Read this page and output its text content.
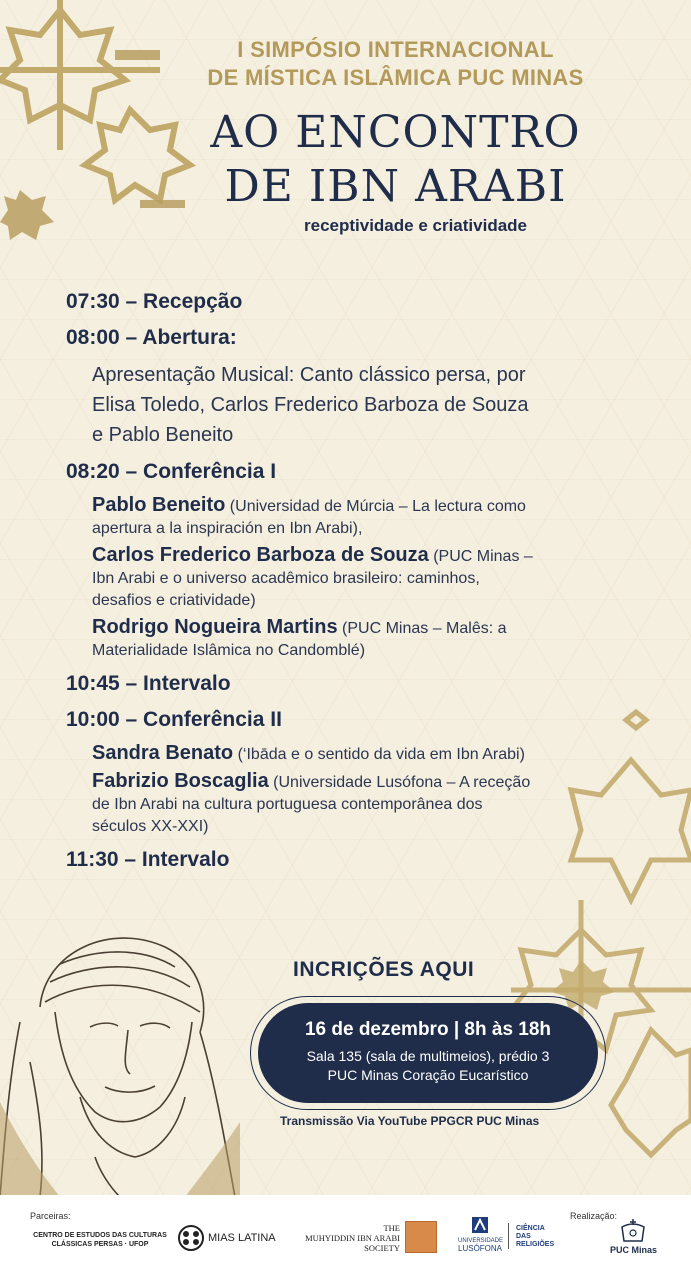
I SIMPÓSIO INTERNACIONAL
DE MÍSTICA ISLÂMICA PUC MINAS
AO ENCONTRO
DE IBN ARABI
receptividade e criatividade
07:30 – Recepção
08:00 – Abertura:
Apresentação Musical: Canto clássico persa, por
Elisa Toledo, Carlos Frederico Barboza de Souza
e Pablo Beneito
08:20 – Conferência I
Pablo Beneito (Universidad de Múrcia – La lectura como
apertura a la inspiración en Ibn Arabi),
Carlos Frederico Barboza de Souza (PUC Minas –
Ibn Arabi e o universo acadêmico brasileiro: caminhos,
desafios e criatividade)
Rodrigo Nogueira Martins (PUC Minas – Malês: a
Materialidade Islâmica no Candomblé)
10:45 – Intervalo
10:00 – Conferência II
Sandra Benato (‘Ibāda e o sentido da vida em Ibn Arabi)
Fabrizio Boscaglia (Universidade Lusófona – A receção
de Ibn Arabi na cultura portuguesa contemporânea dos
séculos XX-XXI)
11:30 – Intervalo
INCRIÇÕES AQUI
16 de dezembro | 8h às 18h
Sala 135 (sala de multimeios), prédio 3
PUC Minas Coração Eucarístico
Transmissão Via YouTube PPGCR PUC Minas
Parceiras:	Realização:
CENTRO DE ESTUDOS DAS CULTURAS
CLÁSSICAS PERSAS · UFOP
MIAS LATINA
THE
MUHYIDDIN IBN ARABI
SOCIETY
UNIVERSIDADE
LUSÓFONA
CIÊNCIA
DAS
RELIGIÕES
PUC Minas
